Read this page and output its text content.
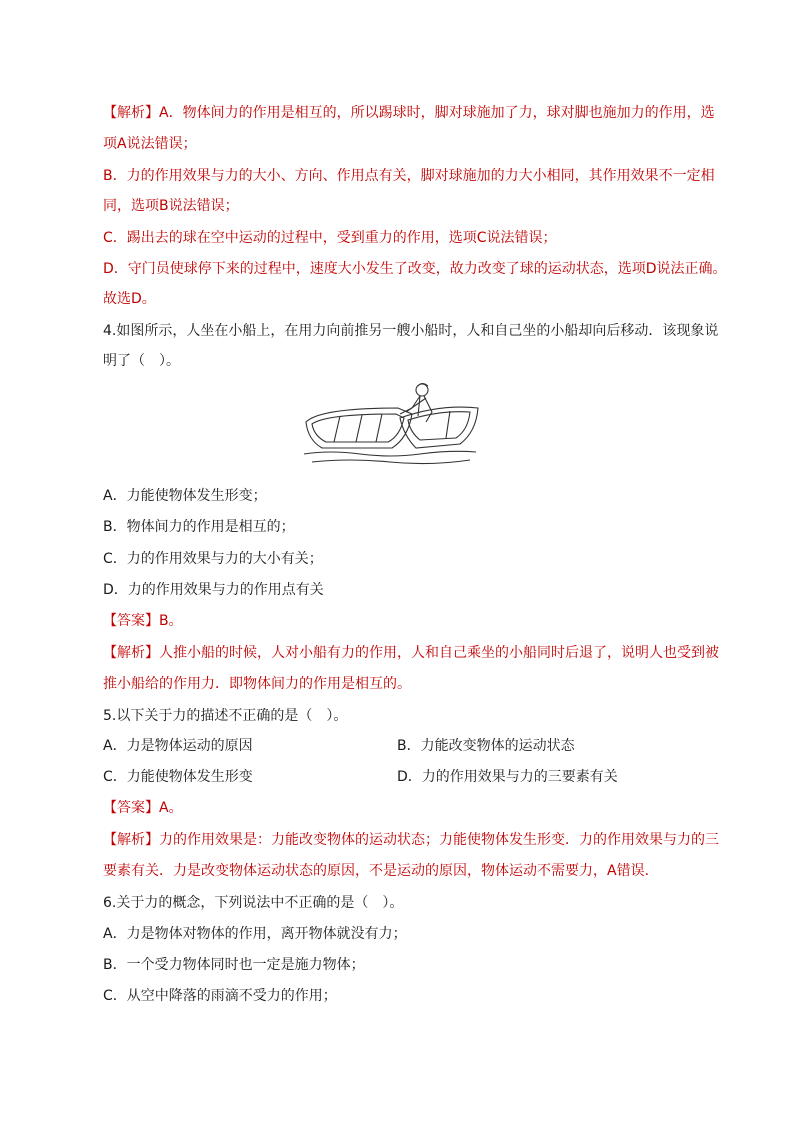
【解析】A．物体间力的作用是相互的，所以踢球时，脚对球施加了力，球对脚也施加力的作用，选
项A说法错误；
B．力的作用效果与力的大小、方向、作用点有关，脚对球施加的力大小相同，其作用效果不一定相
同，选项B说法错误；
C．踢出去的球在空中运动的过程中，受到重力的作用，选项C说法错误；
D．守门员使球停下来的过程中，速度大小发生了改变，故力改变了球的运动状态，选项D说法正确。
故选D。
4.如图所示，人坐在小船上，在用力向前推另一艘小船时，人和自己坐的小船却向后移动．该现象说
明了（　）。
A．力能使物体发生形变；
B．物体间力的作用是相互的；
C．力的作用效果与力的大小有关；
D．力的作用效果与力的作用点有关
【答案】B。
【解析】人推小船的时候，人对小船有力的作用，人和自己乘坐的小船同时后退了，说明人也受到被
推小船给的作用力．即物体间力的作用是相互的。
5.以下关于力的描述不正确的是（　）。
A．力是物体运动的原因	B．力能改变物体的运动状态
C．力能使物体发生形变	D．力的作用效果与力的三要素有关
【答案】A。
【解析】力的作用效果是：力能改变物体的运动状态；力能使物体发生形变．力的作用效果与力的三
要素有关．力是改变物体运动状态的原因，不是运动的原因，物体运动不需要力，A错误．
6.关于力的概念，下列说法中不正确的是（　）。
A．力是物体对物体的作用，离开物体就没有力；
B．一个受力物体同时也一定是施力物体；
C．从空中降落的雨滴不受力的作用；
